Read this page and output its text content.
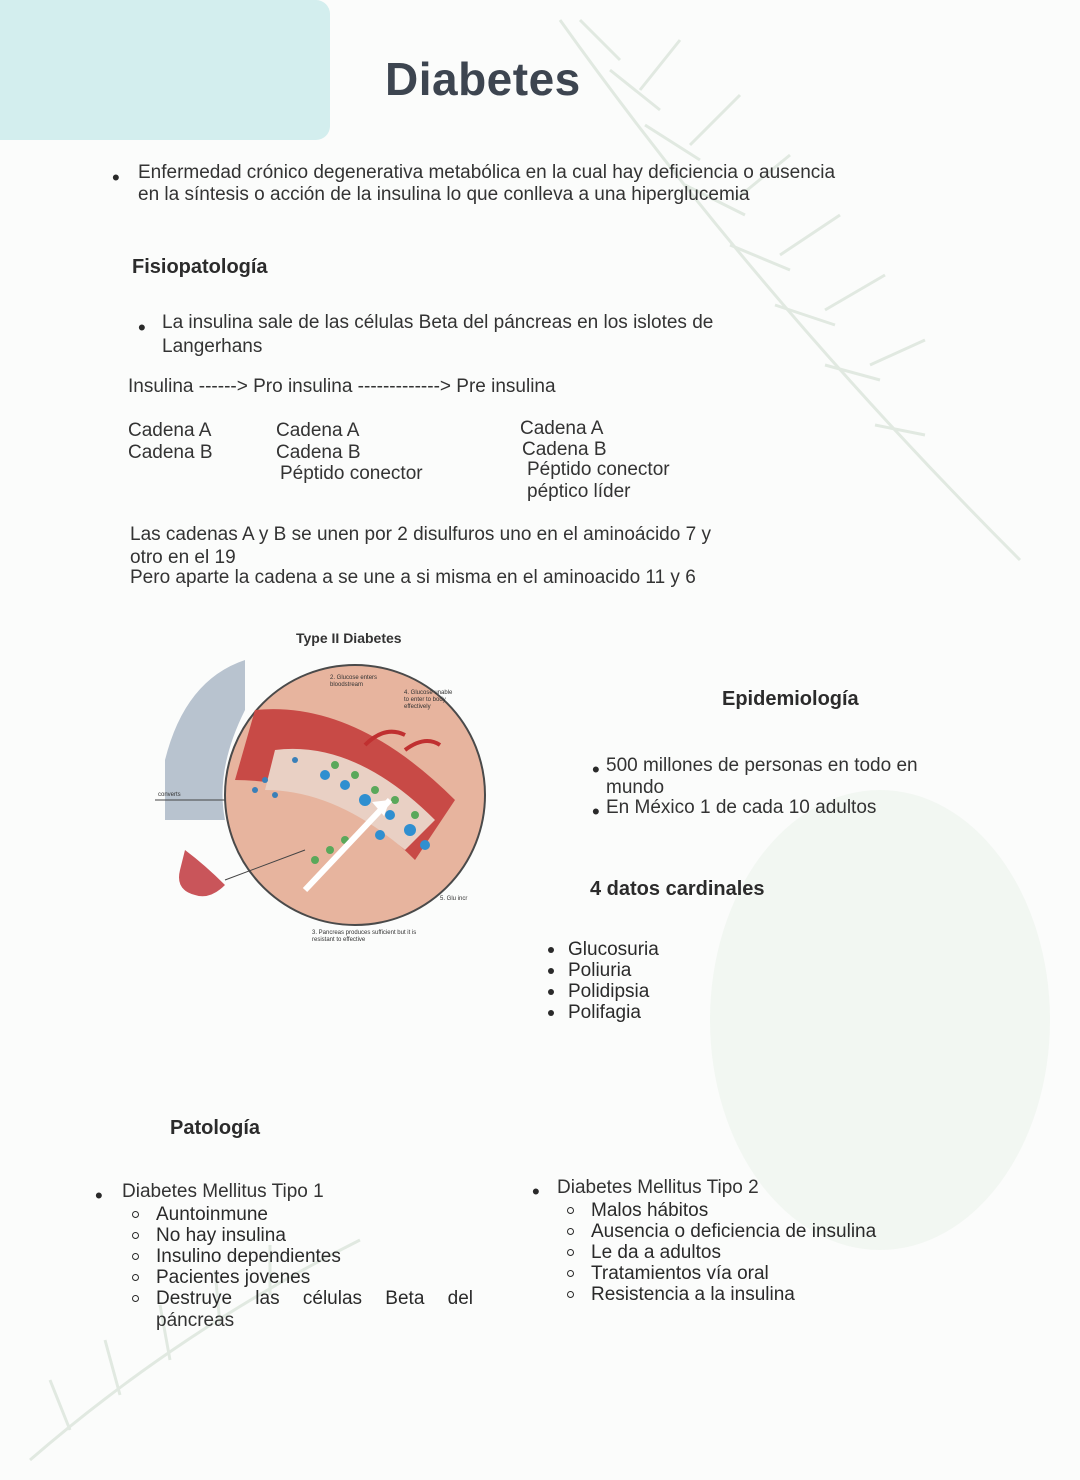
Diabetes
• Enfermedad crónico degenerativa metabólica en la cual hay deficiencia o ausencia
en la síntesis o acción de la insulina lo que conlleva a una hiperglucemia
Fisiopatología
• La insulina sale de las células Beta del páncreas en los islotes de
Langerhans
Insulina ------> Pro insulina -------------> Pre insulina
Cadena A
Cadena B
Cadena A
Cadena B
Péptido conector
Cadena A
Cadena B
Péptido conector
péptico líder
Las cadenas A y B se unen por 2 disulfuros uno en el aminoácido 7 y
otro en el 19
Pero aparte la cadena a se une a si misma en el aminoacido 11 y 6
Type II Diabetes
2. Glucose enters bloodstream
4. Glucose unable to enter to body effectively
3. Pancreas produces sufficient but it is resistant to effective
5. Glu incr
converts
Epidemiología
• 500 millones de personas en todo en
mundo
• En México 1 de cada 10 adultos
4 datos cardinales
Glucosuria
Poliuria
Polidipsia
Polifagia
Patología
• Diabetes Mellitus Tipo 1
Auntoinmune
No hay insulina
Insulino dependientes
Pacientes jovenes
Destruye las células Beta del
páncreas
• Diabetes Mellitus Tipo 2
Malos hábitos
Ausencia o deficiencia de insulina
Le da a adultos
Tratamientos vía oral
Resistencia a la insulina
